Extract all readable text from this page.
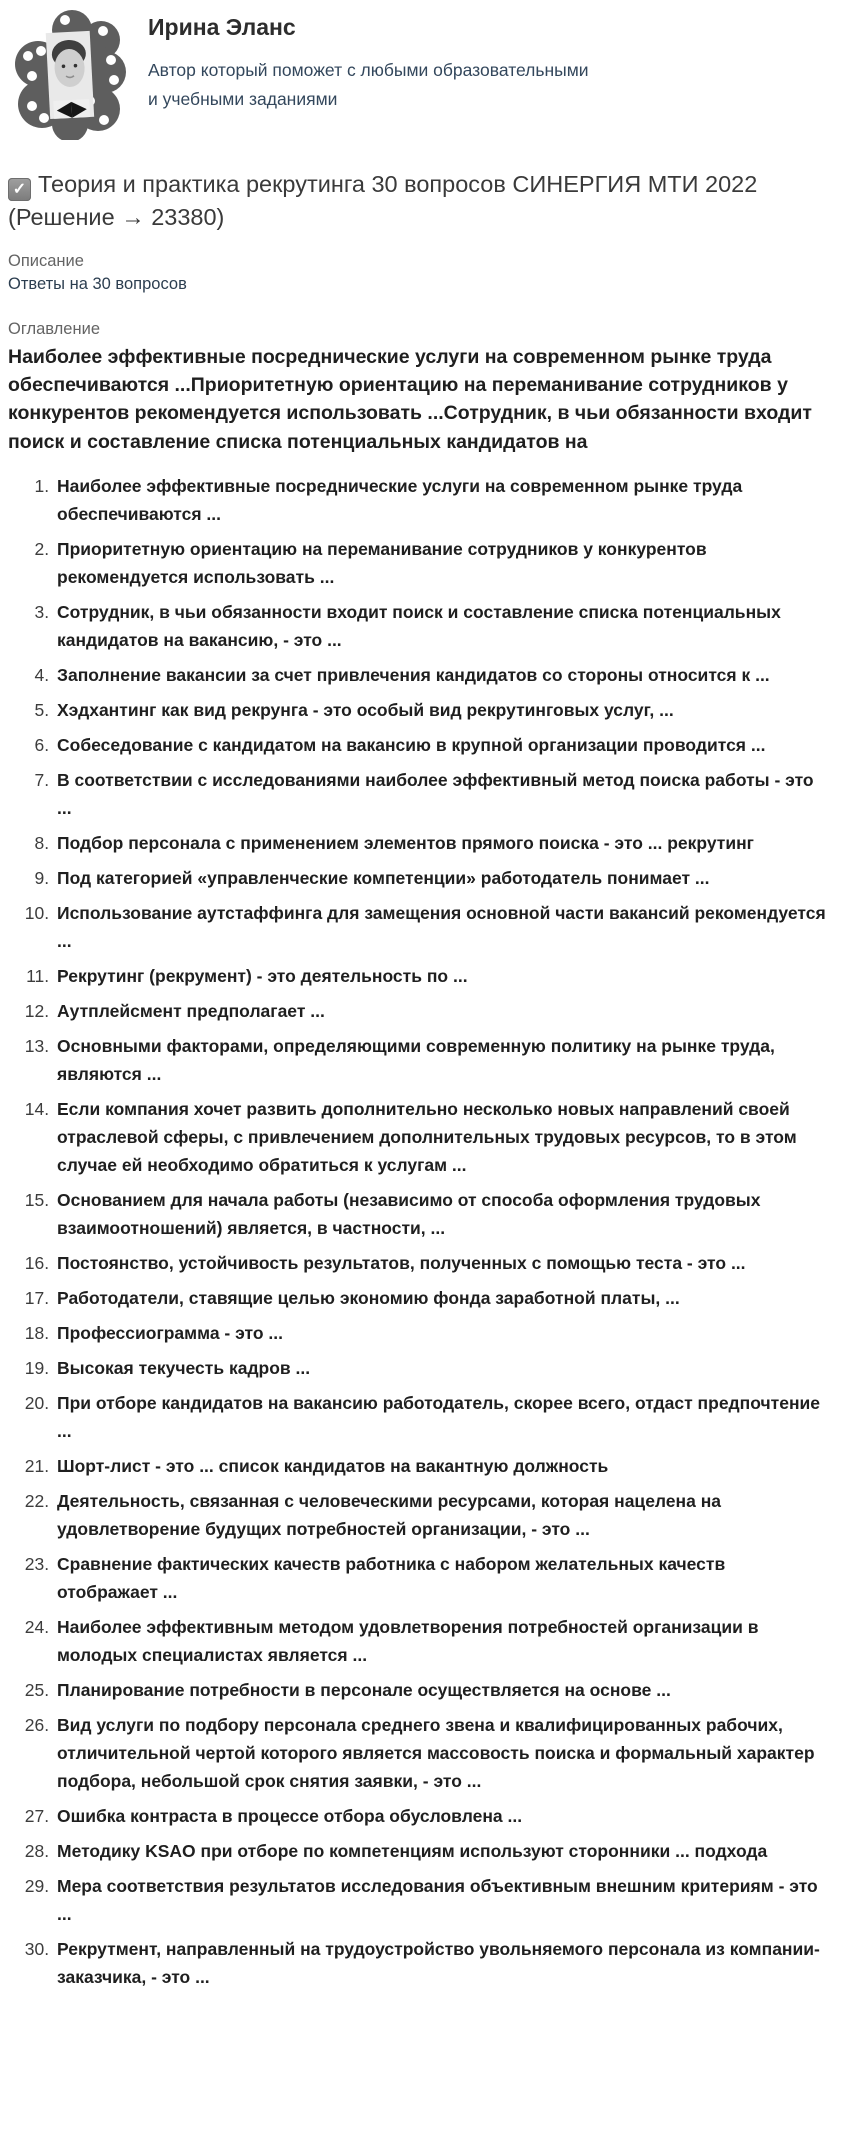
Ирина Эланс
Автор который поможет с любыми образовательными и учебными заданиями
✓ Теория и практика рекрутинга 30 вопросов СИНЕРГИЯ МТИ 2022 (Решение → 23380)

Описание

Ответы на 30 вопросов

Оглавление

Наиболее эффективные посреднические услуги на современном рынке труда обеспечиваются ...Приоритетную ориентацию на переманивание сотрудников у конкурентов рекомендуется использовать ...Сотрудник, в чьи обязанности входит поиск и составление списка потенциальных кандидатов на

1. Наиболее эффективные посреднические услуги на современном рынке труда обеспечиваются ...
2. Приоритетную ориентацию на переманивание сотрудников у конкурентов рекомендуется использовать ...
3. Сотрудник, в чьи обязанности входит поиск и составление списка потенциальных кандидатов на вакансию, - это ...
4. Заполнение вакансии за счет привлечения кандидатов со стороны относится к ...
5. Хэдхантинг как вид рекрунга - это особый вид рекрутинговых услуг, ...
6. Собеседование с кандидатом на вакансию в крупной организации проводится ...
7. В соответствии с исследованиями наиболее эффективный метод поиска работы - это ...
8. Подбор персонала с применением элементов прямого поиска - это ... рекрутинг
9. Под категорией «управленческие компетенции» работодатель понимает ...
10. Использование аутстаффинга для замещения основной части вакансий рекомендуется ...
11. Рекрутинг (рекрумент) - это деятельность по ...
12. Аутплейсмент предполагает ...
13. Основными факторами, определяющими современную политику на рынке труда, являются ...
14. Если компания хочет развить дополнительно несколько новых направлений своей отраслевой сферы, с привлечением дополнительных трудовых ресурсов, то в этом случае ей необходимо обратиться к услугам ...
15. Основанием для начала работы (независимо от способа оформления трудовых взаимоотношений) является, в частности, ...
16. Постоянство, устойчивость результатов, полученных с помощью теста - это ...
17. Работодатели, ставящие целью экономию фонда заработной платы, ...
18. Профессиограмма - это ...
19. Высокая текучесть кадров ...
20. При отборе кандидатов на вакансию работодатель, скорее всего, отдаст предпочтение ...
21. Шорт-лист - это ... список кандидатов на вакантную должность
22. Деятельность, связанная с человеческими ресурсами, которая нацелена на удовлетворение будущих потребностей организации, - это ...
23. Сравнение фактических качеств работника с набором желательных качеств отображает ...
24. Наиболее эффективным методом удовлетворения потребностей организации в молодых специалистах является ...
25. Планирование потребности в персонале осуществляется на основе ...
26. Вид услуги по подбору персонала среднего звена и квалифицированных рабочих, отличительной чертой которого является массовость поиска и формальный характер подбора, небольшой срок снятия заявки, - это ...
27. Ошибка контраста в процессе отбора обусловлена ...
28. Методику KSAO при отборе по компетенциям используют сторонники ... подхода
29. Мера соответствия результатов исследования объективным внешним критериям - это ...
30. Рекрутмент, направленный на трудоустройство увольняемого персонала из компании-заказчика, - это ...
